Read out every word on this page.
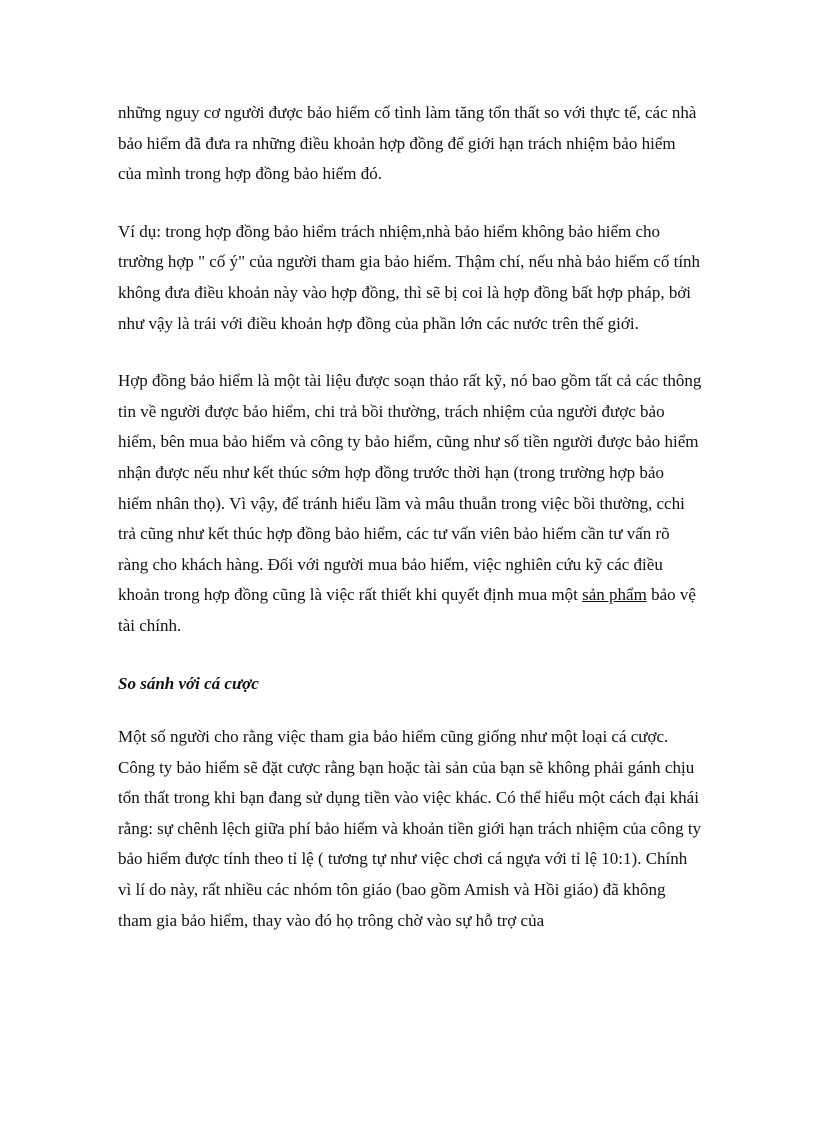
những nguy cơ người được bảo hiểm cố tình làm tăng tổn thất so với thực tế, các nhà bảo hiểm đã đưa ra những điều khoản hợp đồng để giới hạn trách nhiệm bảo hiểm của mình trong hợp đồng bảo hiểm đó.

Ví dụ: trong hợp đồng bảo hiểm trách nhiệm,nhà bảo hiểm không bảo hiểm cho trường hợp " cố ý" của người tham gia bảo hiểm. Thậm chí, nếu nhà bảo hiểm cố tính không đưa điều khoản này vào hợp đồng, thì sẽ bị coi là hợp đồng bất hợp pháp, bởi như vậy là trái với điều khoản hợp đồng của phần lớn các nước trên thế giới.

Hợp đồng bảo hiểm là một tài liệu được soạn thảo rất kỹ, nó bao gồm tất cả các thông tin về người được bảo hiểm, chi trả bồi thường, trách nhiệm của người được bảo hiểm, bên mua bảo hiểm và công ty bảo hiểm, cũng như số tiền người được bảo hiểm nhận được nếu như kết thúc sớm hợp đồng trước thời hạn (trong trường hợp bảo hiểm nhân thọ). Vì vậy, để tránh hiểu lầm và mâu thuẫn trong việc bồi thường, cchi trả cũng như kết thúc hợp đồng bảo hiểm, các tư vấn viên bảo hiểm cần tư vấn rõ ràng cho khách hàng. Đối với người mua bảo hiểm, việc nghiên cứu kỹ các điều khoản trong hợp đồng cũng là việc rất thiết khi quyết định mua một sản phẩm bảo vệ tài chính.

So sánh với cá cược

Một số người cho rằng việc tham gia bảo hiểm cũng giống như một loại cá cược. Công ty bảo hiểm sẽ đặt cược rằng bạn hoặc tài sản của bạn sẽ không phải gánh chịu tổn thất trong khi bạn đang sử dụng tiền vào việc khác. Có thể hiểu một cách đại khái rằng: sự chênh lệch giữa phí bảo hiểm và khoản tiền giới hạn trách nhiệm của công ty bảo hiểm được tính theo tỉ lệ ( tương tự như việc chơi cá ngựa với tỉ lệ 10:1). Chính vì lí do này, rất nhiều các nhóm tôn giáo (bao gồm Amish và Hồi giáo) đã không tham gia bảo hiểm, thay vào đó họ trông chờ vào sự hỗ trợ của
